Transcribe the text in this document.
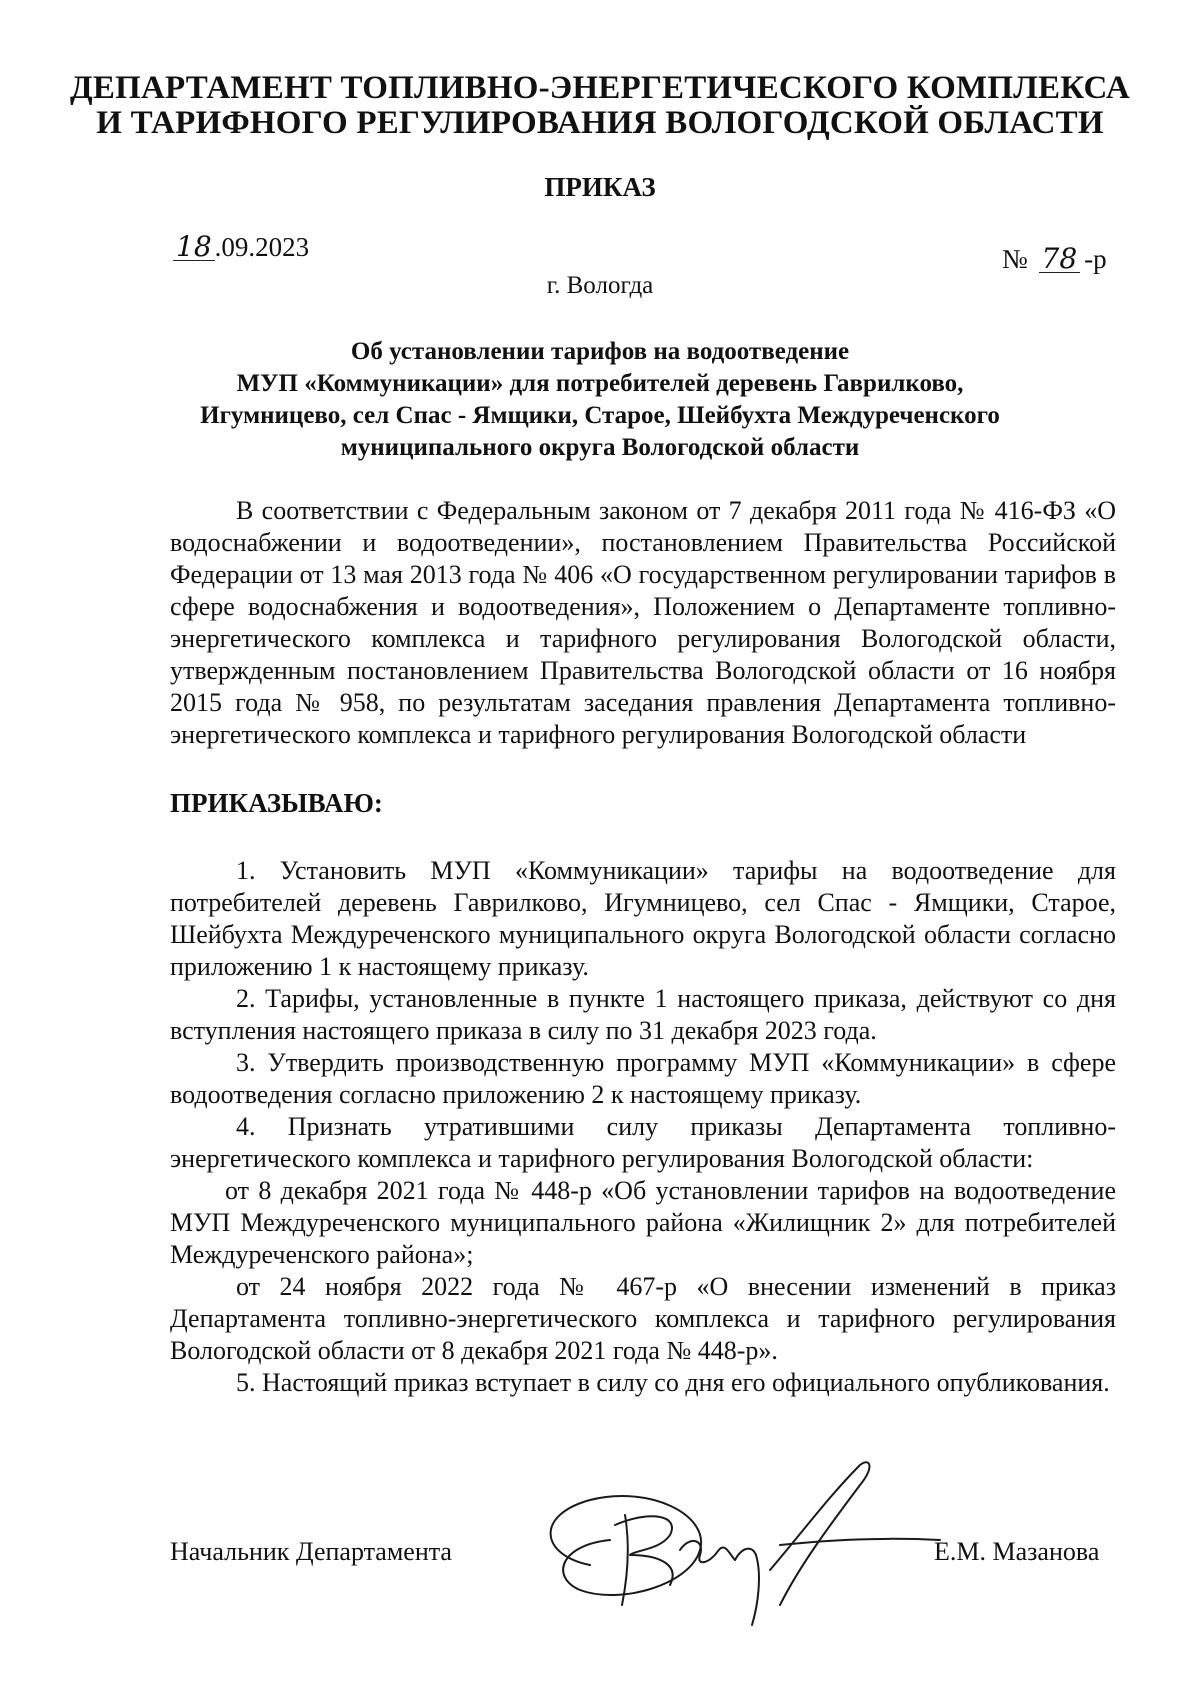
ДЕПАРТАМЕНТ ТОПЛИВНО-ЭНЕРГЕТИЧЕСКОГО КОМПЛЕКСА
И ТАРИФНОГО РЕГУЛИРОВАНИЯ ВОЛОГОДСКОЙ ОБЛАСТИ
ПРИКАЗ
18 .09.2023	№ 78 -р
г. Вологда
Об установлении тарифов на водоотведение
МУП «Коммуникации» для потребителей деревень Гаврилково,
Игумницево, сел Спас - Ямщики, Старое, Шейбухта Междуреченского
муниципального округа Вологодской области

В соответствии с Федеральным законом от 7 декабря 2011 года № 416-ФЗ «О водоснабжении и водоотведении», постановлением Правительства Российской Федерации от 13 мая 2013 года № 406 «О государственном регулировании тарифов в сфере водоснабжения и водоотведения», Положением о Департаменте топливно-энергетического комплекса и тарифного регулирования Вологодской области, утвержденным постановлением Правительства Вологодской области от 16 ноября 2015 года № 958, по результатам заседания правления Департамента топливно-энергетического комплекса и тарифного регулирования Вологодской области

ПРИКАЗЫВАЮ:

1. Установить МУП «Коммуникации» тарифы на водоотведение для потребителей деревень Гаврилково, Игумницево, сел Спас - Ямщики, Старое, Шейбухта Междуреченского муниципального округа Вологодской области согласно приложению 1 к настоящему приказу.

2. Тарифы, установленные в пункте 1 настоящего приказа, действуют со дня вступления настоящего приказа в силу по 31 декабря 2023 года.

3. Утвердить производственную программу МУП «Коммуникации» в сфере водоотведения согласно приложению 2 к настоящему приказу.

4. Признать утратившими силу приказы Департамента топливно-энергетического комплекса и тарифного регулирования Вологодской области:

от 8 декабря 2021 года № 448-р «Об установлении тарифов на водоотведение МУП Междуреченского муниципального района «Жилищник 2» для потребителей Междуреченского района»;

от 24 ноября 2022 года № 467-р «О внесении изменений в приказ Департамента топливно-энергетического комплекса и тарифного регулирования Вологодской области от 8 декабря 2021 года № 448-р».

5. Настоящий приказ вступает в силу со дня его официального опубликования.

Начальник Департамента	Е.М. Мазанова
